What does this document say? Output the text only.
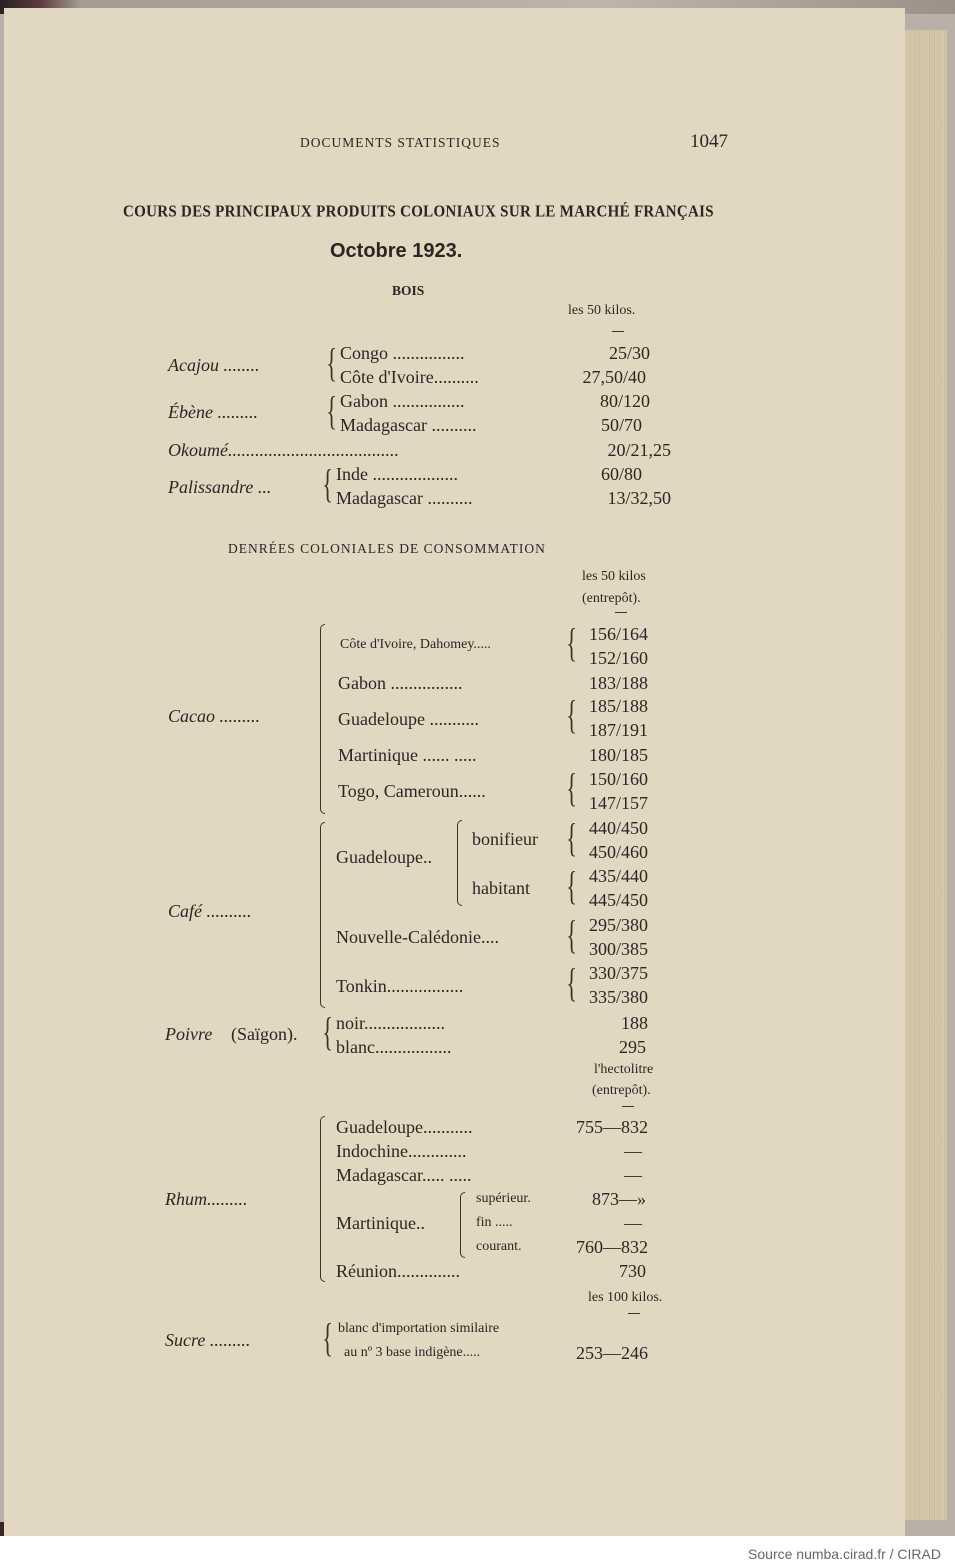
DOCUMENTS STATISTIQUES	1047
COURS DES PRINCIPAUX PRODUITS COLONIAUX SUR LE MARCHÉ FRANÇAIS
Octobre 1923.
BOIS
les 50 kilos.
Acajou ........ { Congo ................	25/30
Côte d'Ivoire..........	27,50/40
Ébène ......... { Gabon ................	80/120
Madagascar ..........	50/70
Okoumé......................................	20/21,25
Palissandre ... { Inde ...................	60/80
Madagascar ..........	13/32,50
DENRÉES COLONIALES DE CONSOMMATION
les 50 kilos
(entrepôt).
Cacao .........
Côte d'Ivoire, Dahomey..... { 156/164
152/160
Gabon ................	183/188
Guadeloupe ........... { 185/188
187/191
Martinique ...... .....	180/185
Togo, Cameroun...... { 150/160
147/157
Café ..........
Guadeloupe..
bonifieur { 440/450
450/460
habitant { 435/440
445/450
Nouvelle-Calédonie.... { 295/380
300/385
Tonkin.................	{ 330/375
335/380
Poivre (Saïgon). { noir..................	188
blanc.................	295
l'hectolitre
(entrepôt).
Rhum.........
Guadeloupe...........	755—832
Indochine.............	—
Madagascar..... .....	—
Martinique..
supérieur.	873—»
fin .....	—
courant.	760—832
Réunion..............	730
les 100 kilos.
Sucre ......... { blanc d'importation similaire
au nº 3 base indigène.....	253—246
Source numba.cirad.fr / CIRAD
